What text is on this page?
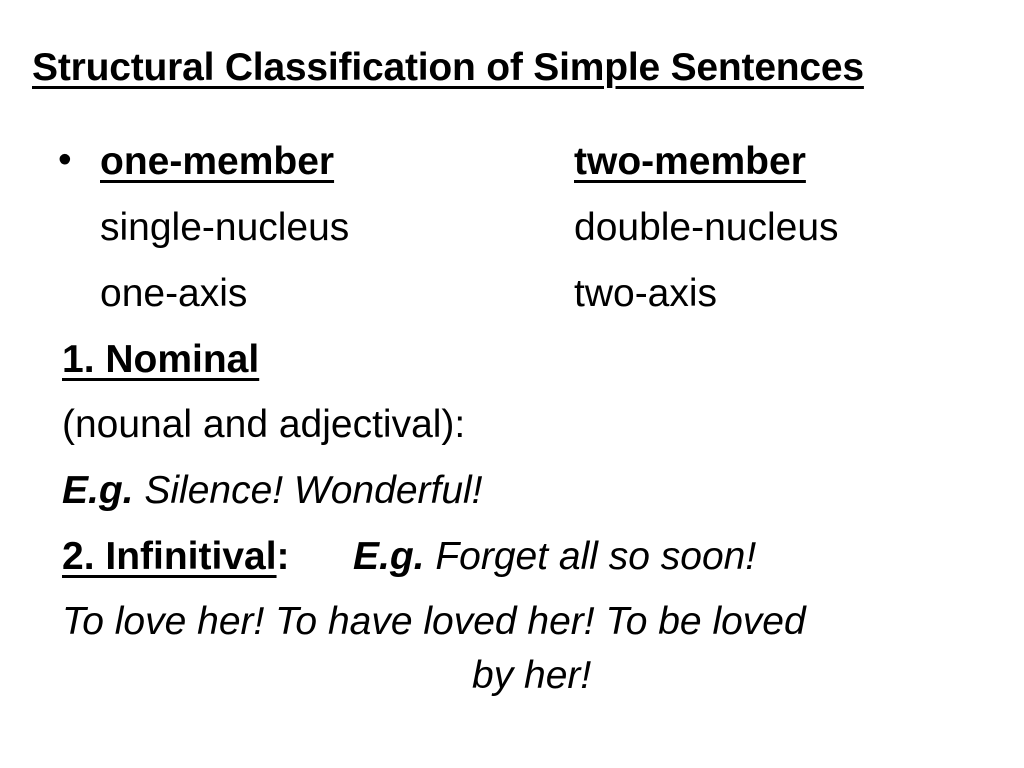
Structural Classification of Simple Sentences
• one-member
single-nucleus
one-axis
two-member
double-nucleus
two-axis
1. Nominal
(nounal and adjectival):
E.g. Silence! Wonderful!
2. Infinitival: E.g. Forget all so soon!
To love her! To have loved her! To be loved
by her!
